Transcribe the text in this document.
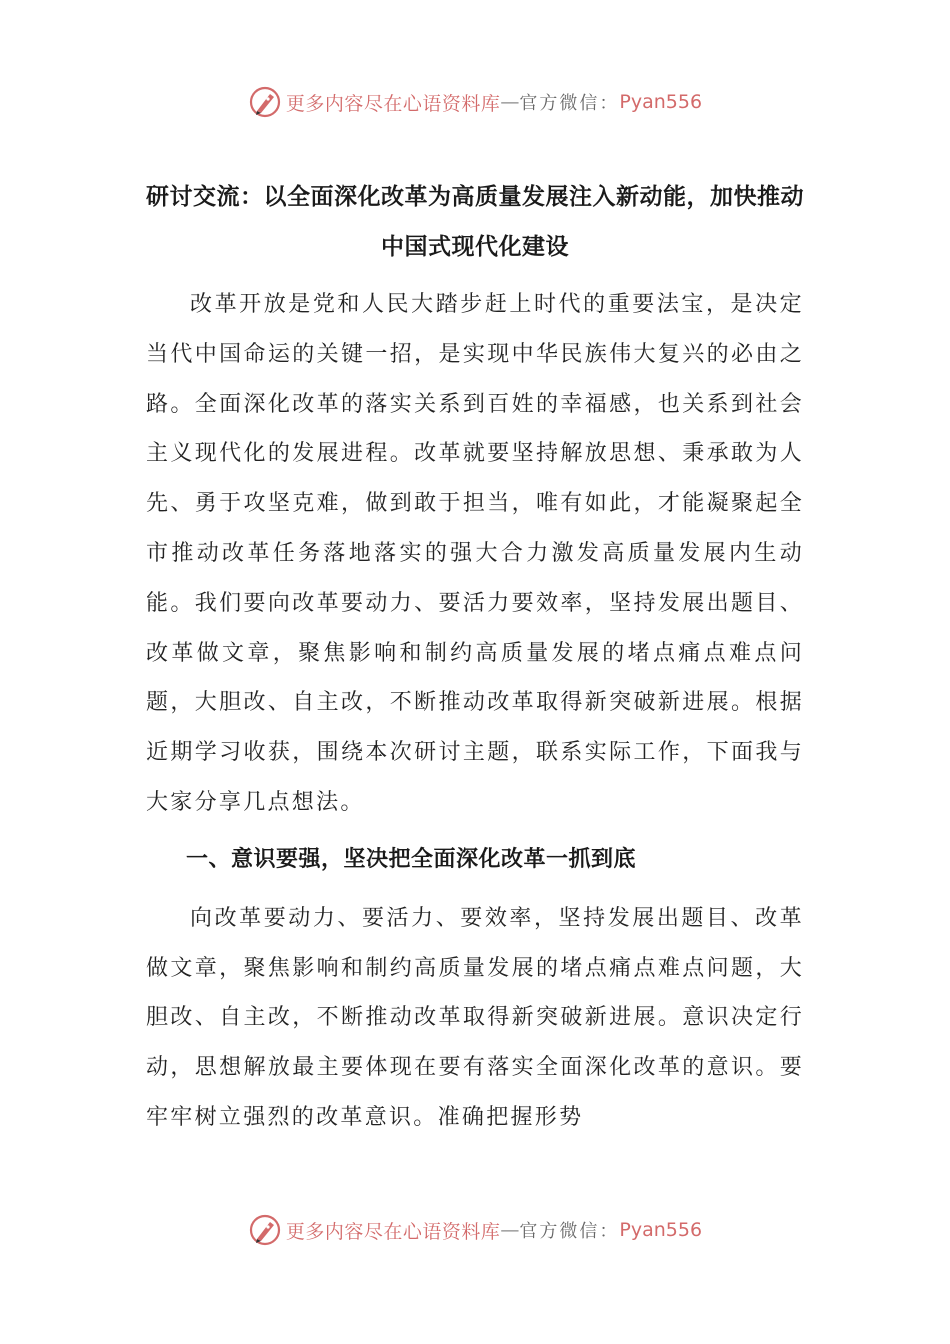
更多内容尽在心语资料库 — 官方微信： Pyan556
研讨交流：以全面深化改革为高质量发展注入新动能，加快推动中国式现代化建设

改革开放是党和人民大踏步赶上时代的重要法宝，是决定当代中国命运的关键一招，是实现中华民族伟大复兴的必由之路。全面深化改革的落实关系到百姓的幸福感，也关系到社会主义现代化的发展进程。改革就要坚持解放思想、秉承敢为人先、勇于攻坚克难，做到敢于担当，唯有如此，才能凝聚起全市推动改革任务落地落实的强大合力激发高质量发展内生动能。我们要向改革要动力、要活力要效率，坚持发展出题目、改革做文章，聚焦影响和制约高质量发展的堵点痛点难点问题，大胆改、自主改，不断推动改革取得新突破新进展。根据近期学习收获，围绕本次研讨主题，联系实际工作，下面我与大家分享几点想法。

一、意识要强，坚决把全面深化改革一抓到底

向改革要动力、要活力、要效率，坚持发展出题目、改革做文章，聚焦影响和制约高质量发展的堵点痛点难点问题，大胆改、自主改，不断推动改革取得新突破新进展。意识决定行动，思想解放最主要体现在要有落实全面深化改革的意识。要牢牢树立强烈的改革意识。准确把握形势

更多内容尽在心语资料库 — 官方微信： Pyan556
